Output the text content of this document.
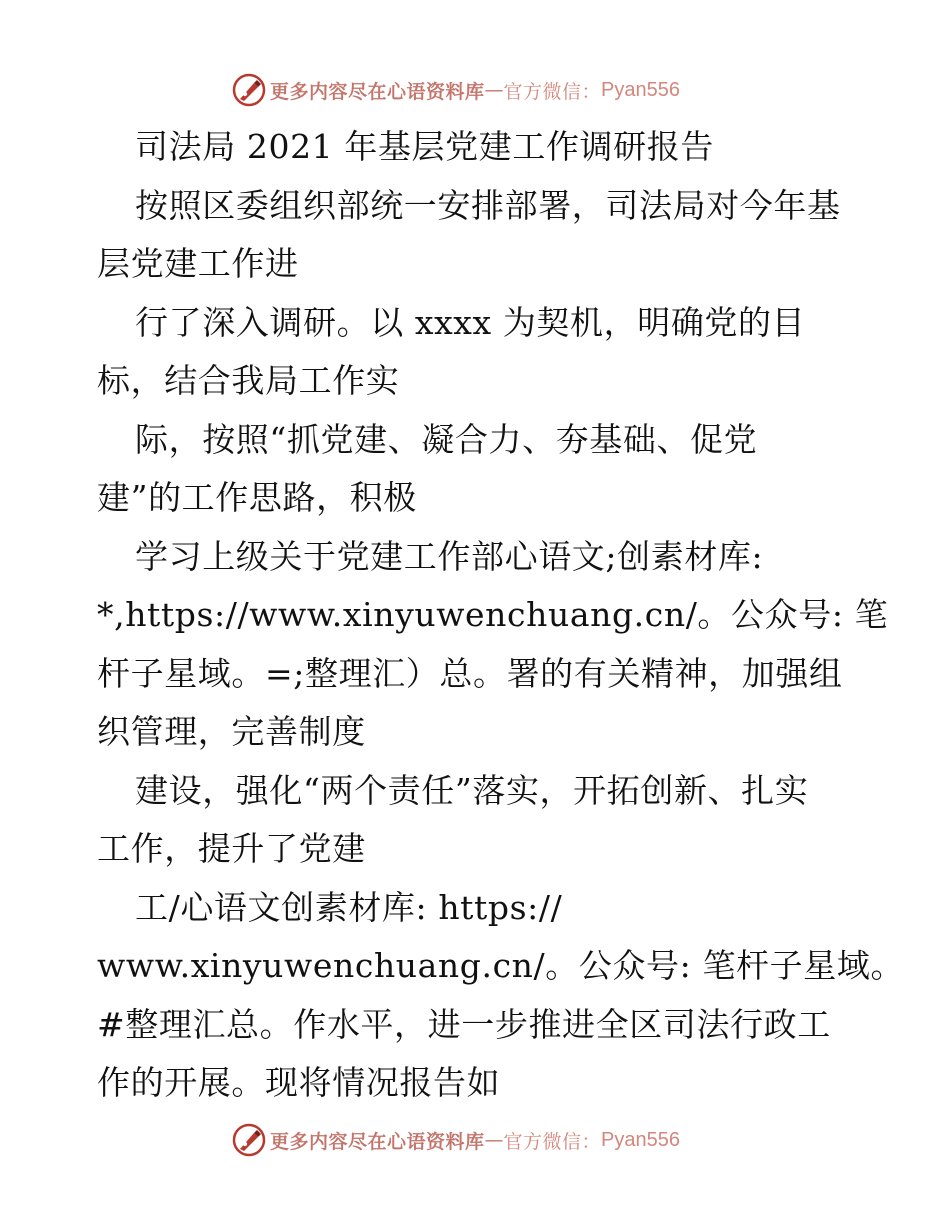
更多内容尽在心语资料库 — 官方微信： Pyan556
司法局 2021 年基层党建工作调研报告
按照区委组织部统一安排部署，司法局对今年基
层党建工作进
行了深入调研。以 xxxx 为契机，明确党的目
标，结合我局工作实
际，按照“抓党建、凝合力、夯基础、促党
建”的工作思路，积极
学习上级关于党建工作部心语文;创素材库:
*,https://www.xinyuwenchuang.cn/。公众号: 笔
杆子星域。=;整理汇）总。署的有关精神，加强组
织管理，完善制度
建设，强化“两个责任”落实，开拓创新、扎实
工作，提升了党建
工/心语文创素材库: https://
www.xinyuwenchuang.cn/。公众号: 笔杆子星域。
#整理汇总。作水平，进一步推进全区司法行政工
作的开展。现将情况报告如
更多内容尽在心语资料库 — 官方微信： Pyan556
